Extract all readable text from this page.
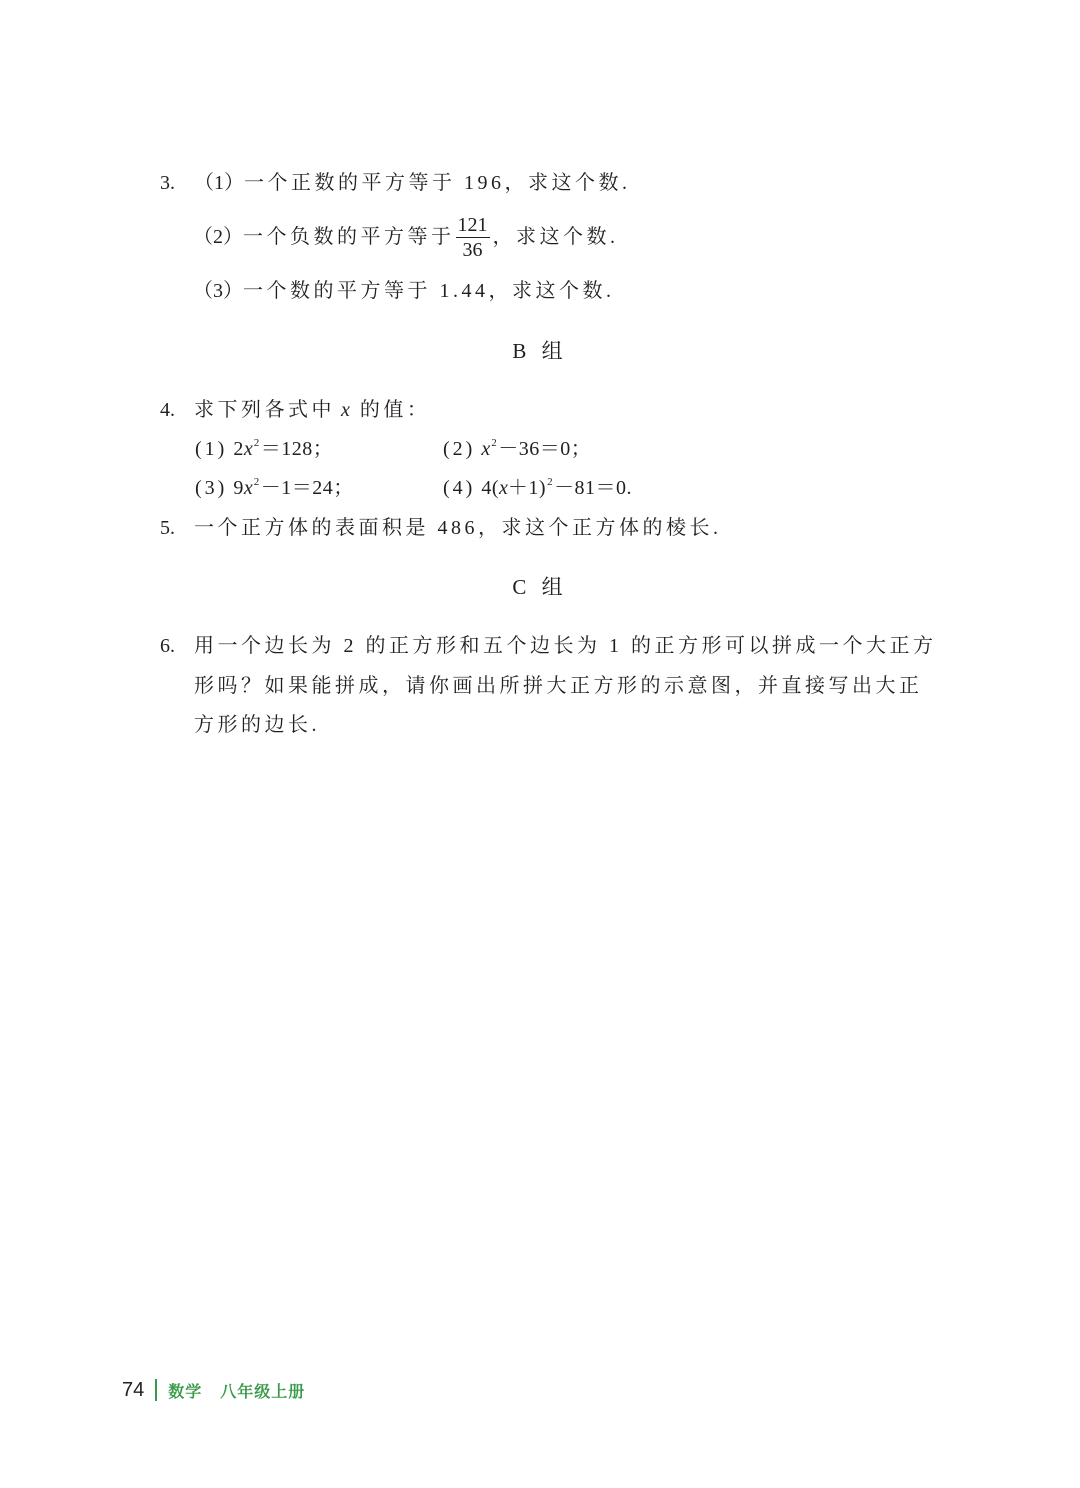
3. （1） 一个正数的平方等于 196，求这个数.
（2） 一个负数的平方等于 $\frac{121}{36}$ ，求这个数.
（3） 一个数的平方等于 1.44，求这个数.
B 组
4. 求下列各式中 x 的值：
(1) $2x^2=128$；	(2) $x^2-36=0$；
(3) $9x^2-1=24$；	(4) $4(x+1)^2-81=0$.
5. 一个正方体的表面积是 486，求这个正方体的棱长.
C 组
6. 用一个边长为 2 的正方形和五个边长为 1 的正方形可以拼成一个大正方
形吗？如果能拼成，请你画出所拼大正方形的示意图，并直接写出大正
方形的边长.
74 数学 八年级上册
